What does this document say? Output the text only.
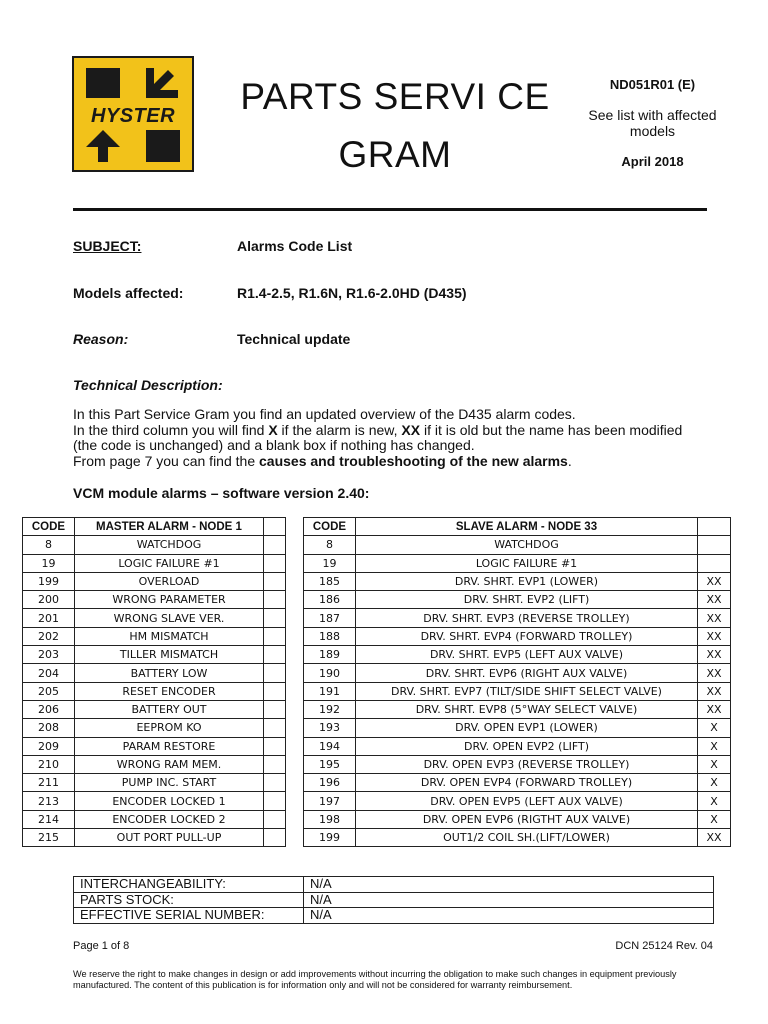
HYSTER	PARTS SERVI CE
GRAM
ND051R01 (E)
See list with affected models
April 2018
SUBJECT:	Alarms Code List
Models affected:	R1.4-2.5, R1.6N, R1.6-2.0HD (D435)
Reason:	Technical update
Technical Description:

In this Part Service Gram you find an updated overview of the D435 alarm codes.

In the third column you will find X if the alarm is new, XX if it is old but the name has been modified

(the code is unchanged) and a blank box if nothing has changed.

From page 7 you can find the causes and troubleshooting of the new alarms.

VCM module alarms – software version 2.40:
CODE	MASTER ALARM - NODE 1	
8	WATCHDOG	
19	LOGIC FAILURE #1	
199	OVERLOAD	
200	WRONG PARAMETER	
201	WRONG SLAVE VER.	
202	HM MISMATCH	
203	TILLER MISMATCH	
204	BATTERY LOW	
205	RESET ENCODER	
206	BATTERY OUT	
208	EEPROM KO	
209	PARAM RESTORE	
210	WRONG RAM MEM.	
211	PUMP INC. START	
213	ENCODER LOCKED 1	
214	ENCODER LOCKED 2	
215	OUT PORT PULL-UP	
CODE	SLAVE ALARM - NODE 33	
8	WATCHDOG	
19	LOGIC FAILURE #1	
185	DRV. SHRT. EVP1 (LOWER)	XX
186	DRV. SHRT. EVP2 (LIFT)	XX
187	DRV. SHRT. EVP3 (REVERSE TROLLEY)	XX
188	DRV. SHRT. EVP4 (FORWARD TROLLEY)	XX
189	DRV. SHRT. EVP5 (LEFT AUX VALVE)	XX
190	DRV. SHRT. EVP6 (RIGHT AUX VALVE)	XX
191	DRV. SHRT. EVP7 (TILT/SIDE SHIFT SELECT VALVE)	XX
192	DRV. SHRT. EVP8 (5°WAY SELECT VALVE)	XX
193	DRV. OPEN EVP1 (LOWER)	X
194	DRV. OPEN EVP2 (LIFT)	X
195	DRV. OPEN EVP3 (REVERSE TROLLEY)	X
196	DRV. OPEN EVP4 (FORWARD TROLLEY)	X
197	DRV. OPEN EVP5 (LEFT AUX VALVE)	X
198	DRV. OPEN EVP6 (RIGTHT AUX VALVE)	X
199	OUT1/2 COIL SH.(LIFT/LOWER)	XX
INTERCHANGEABILITY:	N/A
PARTS STOCK:	N/A
EFFECTIVE SERIAL NUMBER:	N/A
Page 1 of 8	DCN 25124 Rev. 04
We reserve the right to make changes in design or add improvements without incurring the obligation to make such changes in equipment previously manufactured. The content of this publication is for information only and will not be considered for warranty reimbursement.
